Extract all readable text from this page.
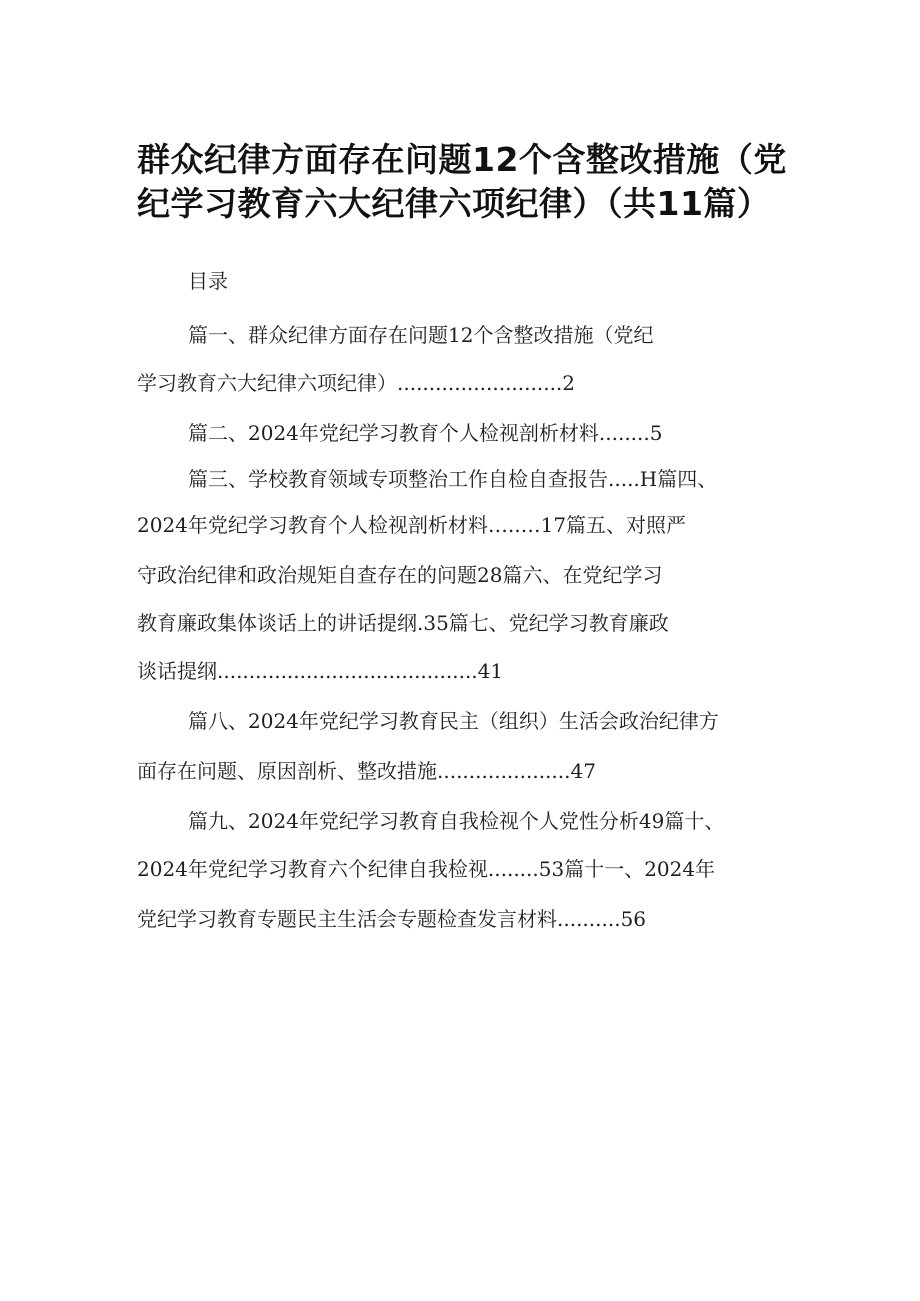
群众纪律方面存在问题12个含整改措施（党纪学习教育六大纪律六项纪律）（共11篇）
目录
篇一、群众纪律方面存在问题12个含整改措施（党纪
学习教育六大纪律六项纪律）..........................2
篇二、2024年党纪学习教育个人检视剖析材料........5
篇三、学校教育领域专项整治工作自检自查报告.....H篇四、
2024年党纪学习教育个人检视剖析材料…..…17篇五、对照严
守政治纪律和政治规矩自查存在的问题28篇六、在党纪学习
教育廉政集体谈话上的讲话提纲.35篇七、党纪学习教育廉政
谈话提纲.........................................41
篇八、2024年党纪学习教育民主（组织）生活会政治纪律方
面存在问题、原因剖析、整改措施.....................47
篇九、2024年党纪学习教育自我检视个人党性分析49篇十、
2024年党纪学习教育六个纪律自我检视........53篇十一、2024年
党纪学习教育专题民主生活会专题检查发言材料..........56
